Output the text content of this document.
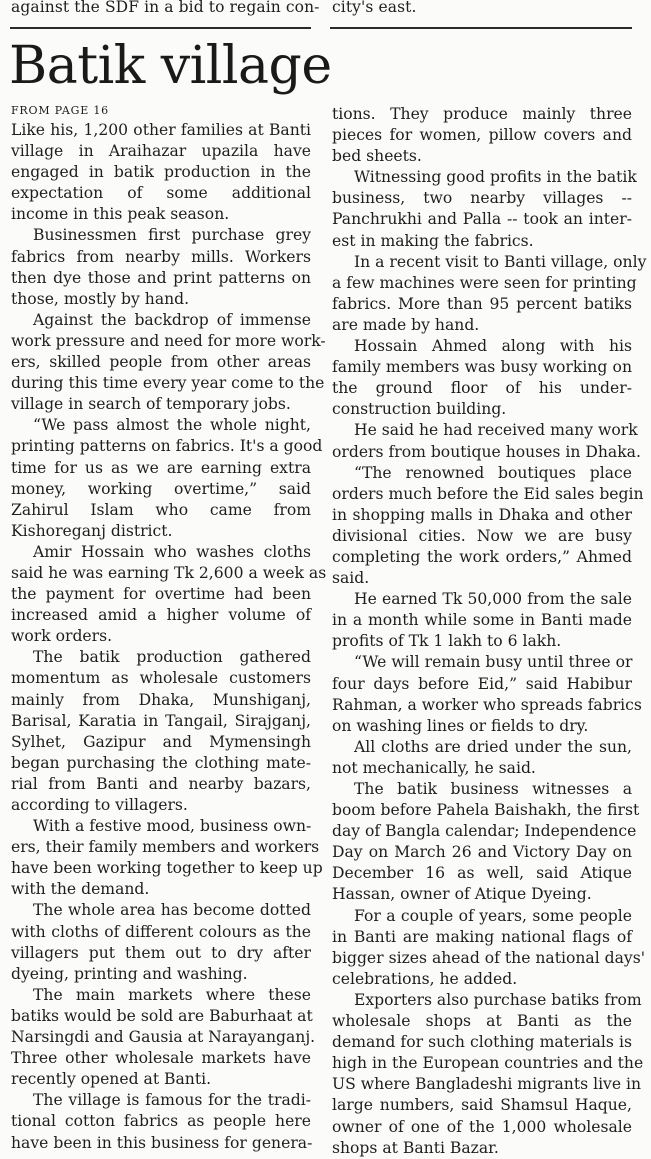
against the SDF in a bid to regain con- city's east.
Batik village
FROM PAGE 16

Like his, 1,200 other families at Banti
village in Araihazar upazila have
engaged in batik production in the
expectation of some additional
income in this peak season.

Businessmen first purchase grey
fabrics from nearby mills. Workers
then dye those and print patterns on
those, mostly by hand.

Against the backdrop of immense
work pressure and need for more work-
ers, skilled people from other areas
during this time every year come to the
village in search of temporary jobs.

“We pass almost the whole night,
printing patterns on fabrics. It's a good
time for us as we are earning extra
money, working overtime,” said
Zahirul Islam who came from
Kishoreganj district.

Amir Hossain who washes cloths
said he was earning Tk 2,600 a week as
the payment for overtime had been
increased amid a higher volume of
work orders.

The batik production gathered
momentum as wholesale customers
mainly from Dhaka, Munshiganj,
Barisal, Karatia in Tangail, Sirajganj,
Sylhet, Gazipur and Mymensingh
began purchasing the clothing mate-
rial from Banti and nearby bazars,
according to villagers.

With a festive mood, business own-
ers, their family members and workers
have been working together to keep up
with the demand.

The whole area has become dotted
with cloths of different colours as the
villagers put them out to dry after
dyeing, printing and washing.

The main markets where these
batiks would be sold are Baburhaat at
Narsingdi and Gausia at Narayanganj.
Three other wholesale markets have
recently opened at Banti.

The village is famous for the tradi-
tional cotton fabrics as people here
have been in this business for genera-

tions. They produce mainly three
pieces for women, pillow covers and
bed sheets.

Witnessing good profits in the batik
business, two nearby villages --
Panchrukhi and Palla -- took an inter-
est in making the fabrics.

In a recent visit to Banti village, only
a few machines were seen for printing
fabrics. More than 95 percent batiks
are made by hand.

Hossain Ahmed along with his
family members was busy working on
the ground floor of his under-
construction building.

He said he had received many work
orders from boutique houses in Dhaka.

“The renowned boutiques place
orders much before the Eid sales begin
in shopping malls in Dhaka and other
divisional cities. Now we are busy
completing the work orders,” Ahmed
said.

He earned Tk 50,000 from the sale
in a month while some in Banti made
profits of Tk 1 lakh to 6 lakh.

“We will remain busy until three or
four days before Eid,” said Habibur
Rahman, a worker who spreads fabrics
on washing lines or fields to dry.

All cloths are dried under the sun,
not mechanically, he said.

The batik business witnesses a
boom before Pahela Baishakh, the first
day of Bangla calendar; Independence
Day on March 26 and Victory Day on
December 16 as well, said Atique
Hassan, owner of Atique Dyeing.

For a couple of years, some people
in Banti are making national flags of
bigger sizes ahead of the national days'
celebrations, he added.

Exporters also purchase batiks from
wholesale shops at Banti as the
demand for such clothing materials is
high in the European countries and the
US where Bangladeshi migrants live in
large numbers, said Shamsul Haque,
owner of one of the 1,000 wholesale
shops at Banti Bazar.
